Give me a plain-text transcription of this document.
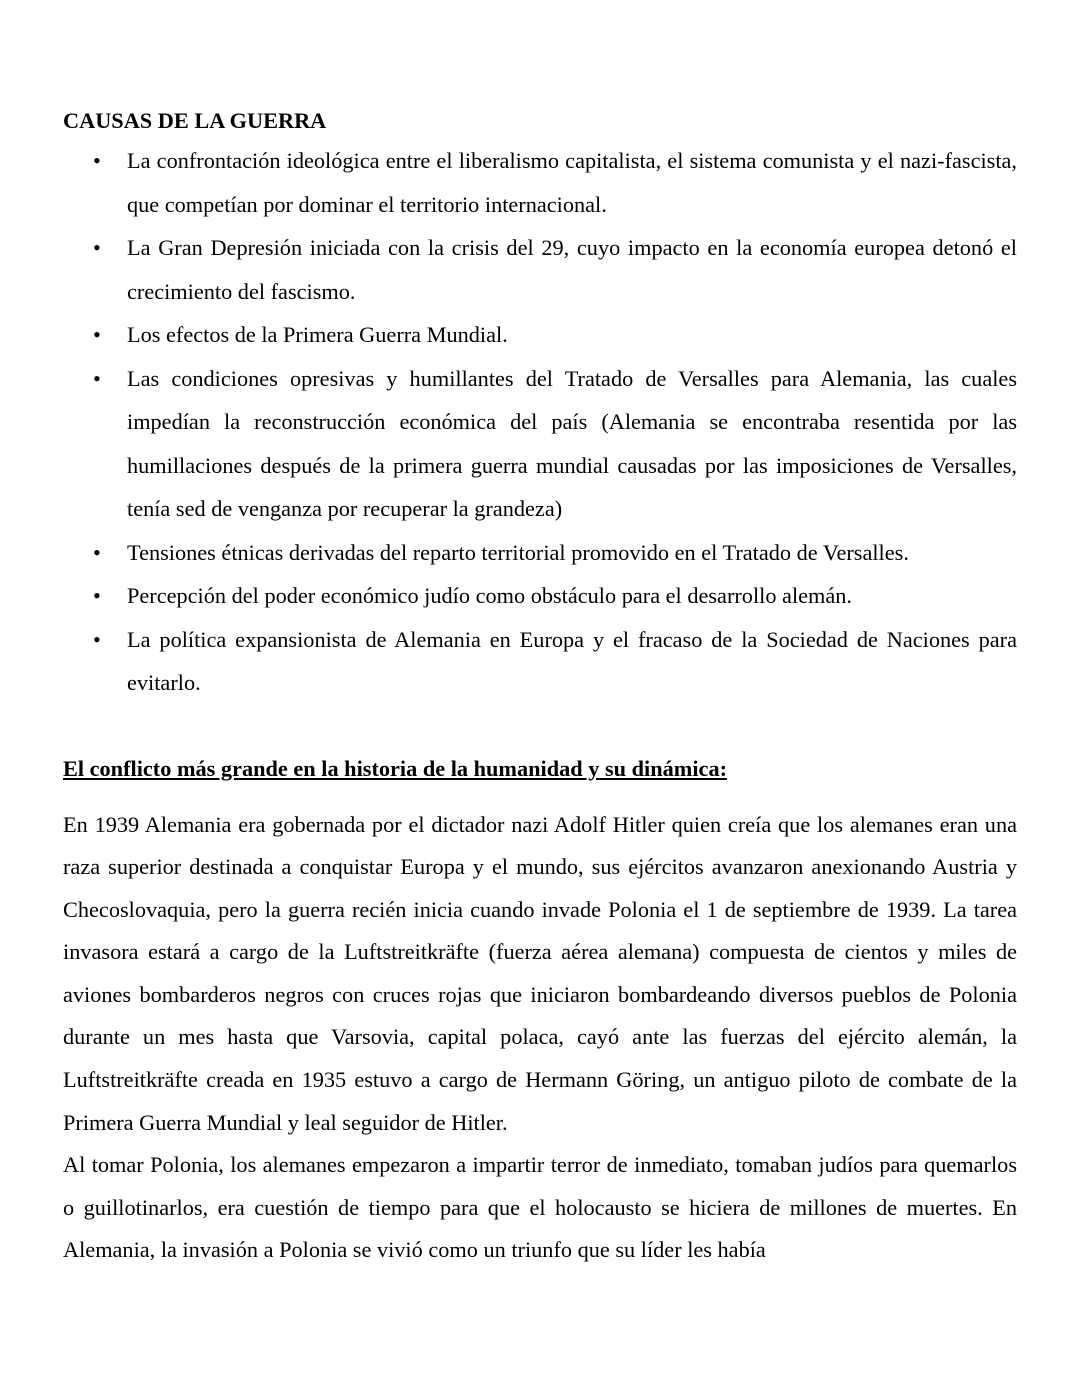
CAUSAS DE LA GUERRA
• La confrontación ideológica entre el liberalismo capitalista, el sistema comunista y el nazi-fascista, que competían por dominar el territorio internacional.
• La Gran Depresión iniciada con la crisis del 29, cuyo impacto en la economía europea detonó el crecimiento del fascismo.
• Los efectos de la Primera Guerra Mundial.
• Las condiciones opresivas y humillantes del Tratado de Versalles para Alemania, las cuales impedían la reconstrucción económica del país (Alemania se encontraba resentida por las humillaciones después de la primera guerra mundial causadas por las imposiciones de Versalles, tenía sed de venganza por recuperar la grandeza)
• Tensiones étnicas derivadas del reparto territorial promovido en el Tratado de Versalles.
• Percepción del poder económico judío como obstáculo para el desarrollo alemán.
• La política expansionista de Alemania en Europa y el fracaso de la Sociedad de Naciones para evitarlo.
El conflicto más grande en la historia de la humanidad y su dinámica:

En 1939 Alemania era gobernada por el dictador nazi Adolf Hitler quien creía que los alemanes eran una raza superior destinada a conquistar Europa y el mundo, sus ejércitos avanzaron anexionando Austria y Checoslovaquia, pero la guerra recién inicia cuando invade Polonia el 1 de septiembre de 1939. La tarea invasora estará a cargo de la Luftstreitkräfte (fuerza aérea alemana) compuesta de cientos y miles de aviones bombarderos negros con cruces rojas que iniciaron bombardeando diversos pueblos de Polonia durante un mes hasta que Varsovia, capital polaca, cayó ante las fuerzas del ejército alemán, la Luftstreitkräfte creada en 1935 estuvo a cargo de Hermann Göring, un antiguo piloto de combate de la Primera Guerra Mundial y leal seguidor de Hitler.

Al tomar Polonia, los alemanes empezaron a impartir terror de inmediato, tomaban judíos para quemarlos o guillotinarlos, era cuestión de tiempo para que el holocausto se hiciera de millones de muertes. En Alemania, la invasión a Polonia se vivió como un triunfo que su líder les había
